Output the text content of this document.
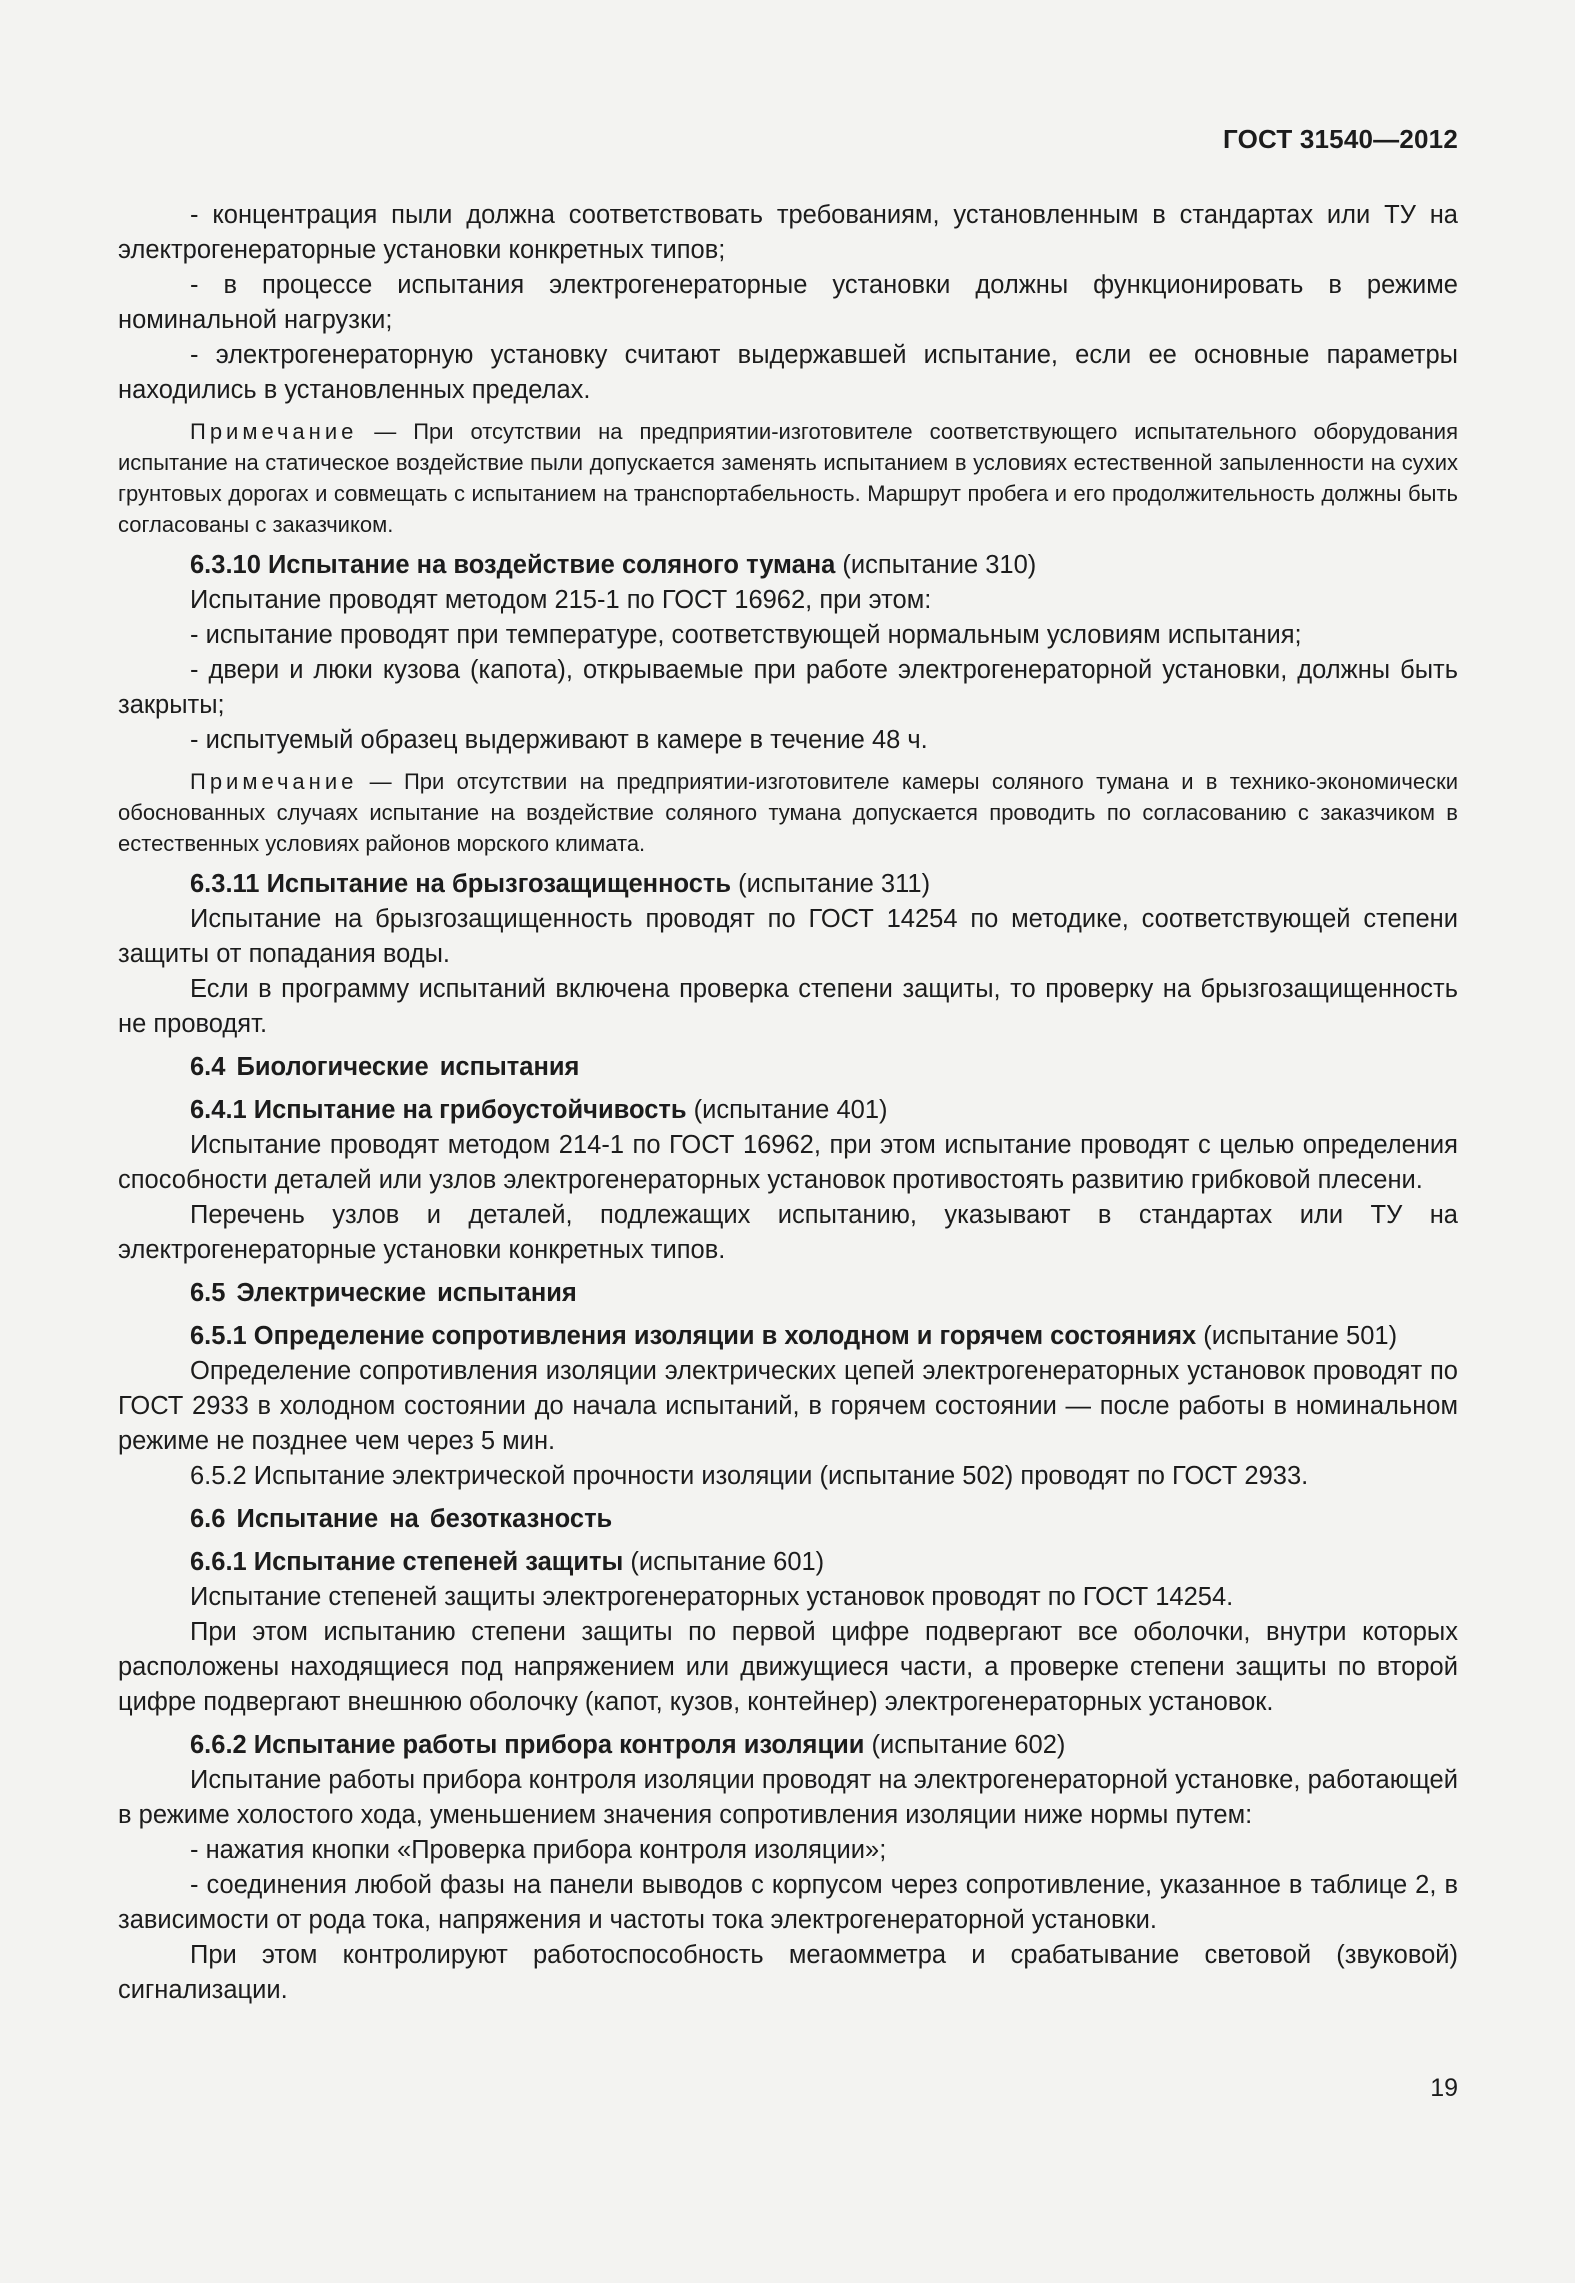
ГОСТ 31540—2012

- концентрация пыли должна соответствовать требованиям, установленным в стандартах или ТУ на электрогенераторные установки конкретных типов;

- в процессе испытания электрогенераторные установки должны функционировать в режиме номинальной нагрузки;

- электрогенераторную установку считают выдержавшей испытание, если ее основные параметры находились в установленных пределах.

Примечание — При отсутствии на предприятии-изготовителе соответствующего испытательного оборудования испытание на статическое воздействие пыли допускается заменять испытанием в условиях естественной запыленности на сухих грунтовых дорогах и совмещать с испытанием на транспортабельность. Маршрут пробега и его продолжительность должны быть согласованы с заказчиком.

6.3.10 Испытание на воздействие соляного тумана (испытание 310)

Испытание проводят методом 215-1 по ГОСТ 16962, при этом:

- испытание проводят при температуре, соответствующей нормальным условиям испытания;

- двери и люки кузова (капота), открываемые при работе электрогенераторной установки, должны быть закрыты;

- испытуемый образец выдерживают в камере в течение 48 ч.

Примечание — При отсутствии на предприятии-изготовителе камеры соляного тумана и в технико-экономически обоснованных случаях испытание на воздействие соляного тумана допускается проводить по согласованию с заказчиком в естественных условиях районов морского климата.

6.3.11 Испытание на брызгозащищенность (испытание 311)

Испытание на брызгозащищенность проводят по ГОСТ 14254 по методике, соответствующей степени защиты от попадания воды.

Если в программу испытаний включена проверка степени защиты, то проверку на брызгозащищенность не проводят.

6.4 Биологические испытания

6.4.1 Испытание на грибоустойчивость (испытание 401)

Испытание проводят методом 214-1 по ГОСТ 16962, при этом испытание проводят с целью определения способности деталей или узлов электрогенераторных установок противостоять развитию грибковой плесени.

Перечень узлов и деталей, подлежащих испытанию, указывают в стандартах или ТУ на электрогенераторные установки конкретных типов.

6.5 Электрические испытания

6.5.1 Определение сопротивления изоляции в холодном и горячем состояниях (испытание 501)

Определение сопротивления изоляции электрических цепей электрогенераторных установок проводят по ГОСТ 2933 в холодном состоянии до начала испытаний, в горячем состоянии — после работы в номинальном режиме не позднее чем через 5 мин.

6.5.2 Испытание электрической прочности изоляции (испытание 502) проводят по ГОСТ 2933.

6.6 Испытание на безотказность

6.6.1 Испытание степеней защиты (испытание 601)

Испытание степеней защиты электрогенераторных установок проводят по ГОСТ 14254.

При этом испытанию степени защиты по первой цифре подвергают все оболочки, внутри которых расположены находящиеся под напряжением или движущиеся части, а проверке степени защиты по второй цифре подвергают внешнюю оболочку (капот, кузов, контейнер) электрогенераторных установок.

6.6.2 Испытание работы прибора контроля изоляции (испытание 602)

Испытание работы прибора контроля изоляции проводят на электрогенераторной установке, работающей в режиме холостого хода, уменьшением значения сопротивления изоляции ниже нормы путем:

- нажатия кнопки «Проверка прибора контроля изоляции»;

- соединения любой фазы на панели выводов с корпусом через сопротивление, указанное в таблице 2, в зависимости от рода тока, напряжения и частоты тока электрогенераторной установки.

При этом контролируют работоспособность мегаомметра и срабатывание световой (звуковой) сигнализации.

19
